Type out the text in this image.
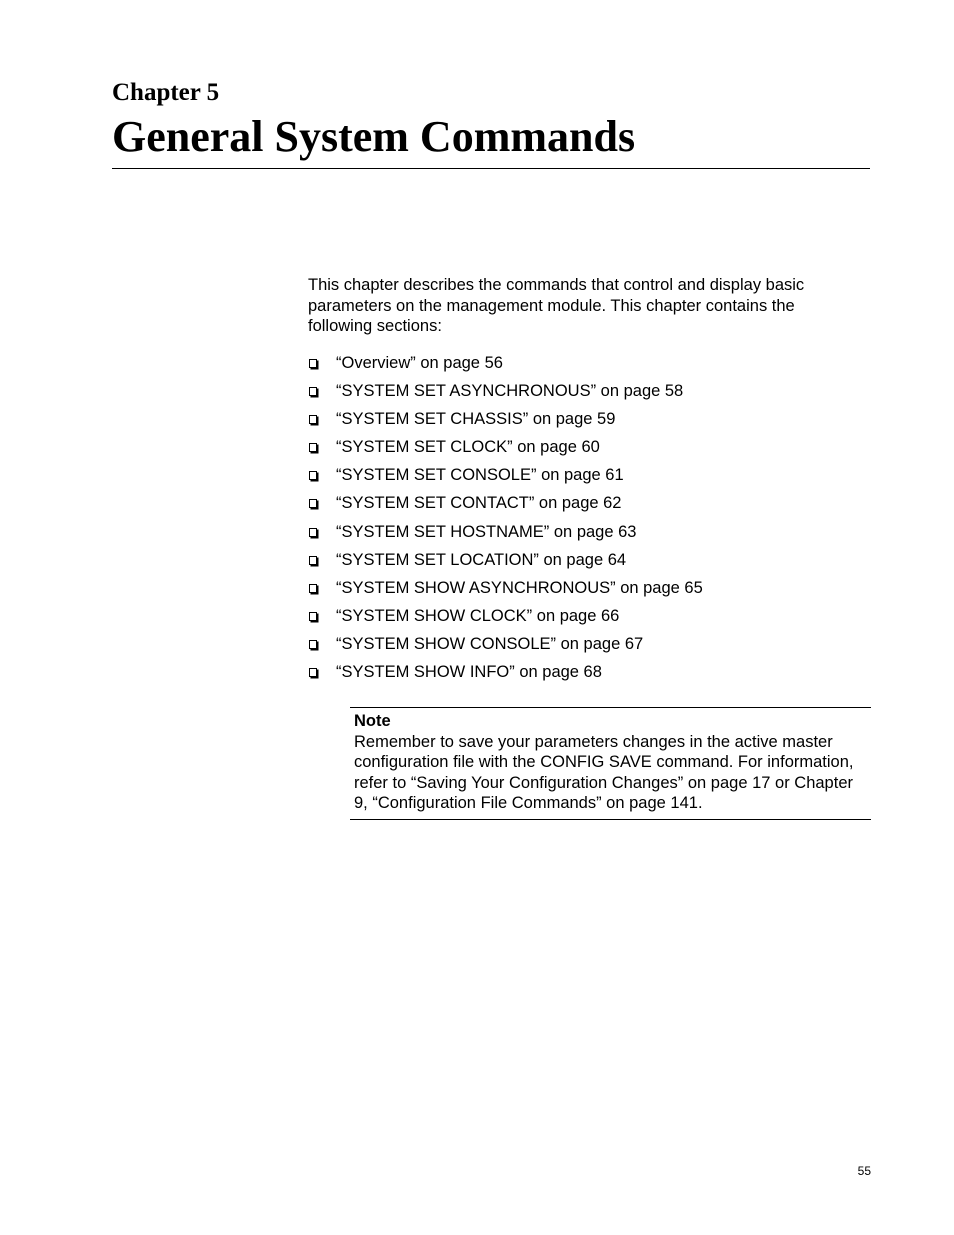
Chapter 5
General System Commands
This chapter describes the commands that control and display basic parameters on the management module. This chapter contains the following sections:
“Overview” on page 56
“SYSTEM SET ASYNCHRONOUS” on page 58
“SYSTEM SET CHASSIS” on page 59
“SYSTEM SET CLOCK” on page 60
“SYSTEM SET CONSOLE” on page 61
“SYSTEM SET CONTACT” on page 62
“SYSTEM SET HOSTNAME” on page 63
“SYSTEM SET LOCATION” on page 64
“SYSTEM SHOW ASYNCHRONOUS” on page 65
“SYSTEM SHOW CLOCK” on page 66
“SYSTEM SHOW CONSOLE” on page 67
“SYSTEM SHOW INFO” on page 68
Note
Remember to save your parameters changes in the active master configuration file with the CONFIG SAVE command. For information, refer to “Saving Your Configuration Changes” on page 17 or Chapter 9, “Configuration File Commands” on page 141.
55
